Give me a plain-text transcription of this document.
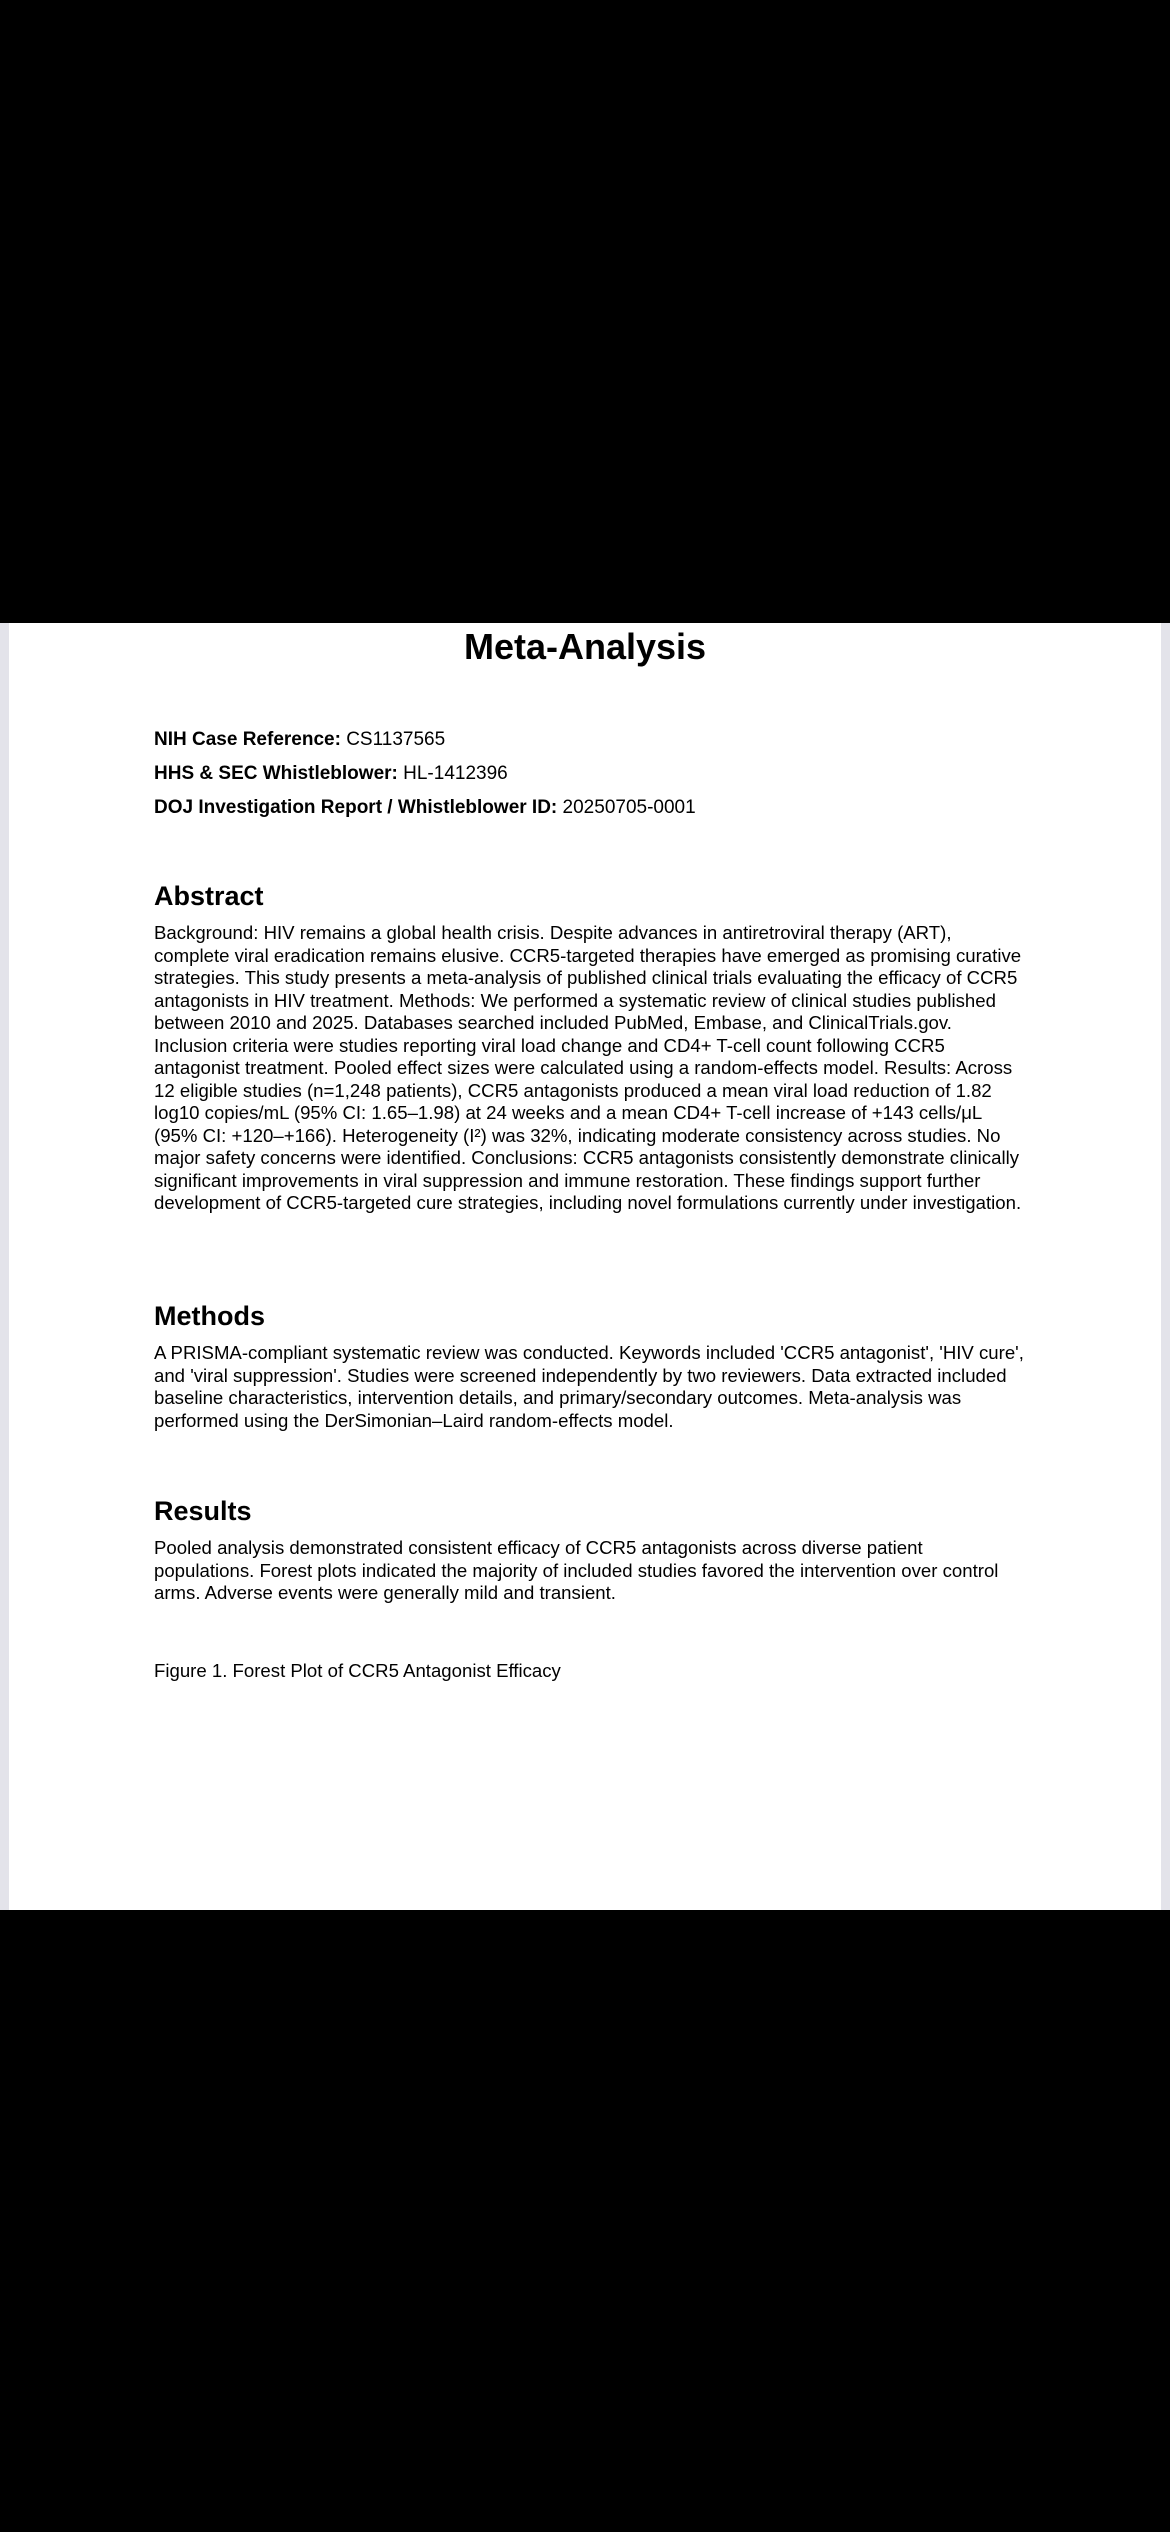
Meta-Analysis
NIH Case Reference: CS1137565
HHS & SEC Whistleblower: HL-1412396
DOJ Investigation Report / Whistleblower ID: 20250705-0001
Abstract

Background: HIV remains a global health crisis. Despite advances in antiretroviral therapy (ART), complete viral eradication remains elusive. CCR5-targeted therapies have emerged as promising curative strategies. This study presents a meta-analysis of published clinical trials evaluating the efficacy of CCR5 antagonists in HIV treatment. Methods: We performed a systematic review of clinical studies published between 2010 and 2025. Databases searched included PubMed, Embase, and ClinicalTrials.gov. Inclusion criteria were studies reporting viral load change and CD4+ T-cell count following CCR5 antagonist treatment. Pooled effect sizes were calculated using a random-effects model. Results: Across 12 eligible studies (n=1,248 patients), CCR5 antagonists produced a mean viral load reduction of 1.82 log10 copies/mL (95% CI: 1.65–1.98) at 24 weeks and a mean CD4+ T-cell increase of +143 cells/μL (95% CI: +120–+166). Heterogeneity (I²) was 32%, indicating moderate consistency across studies. No major safety concerns were identified. Conclusions: CCR5 antagonists consistently demonstrate clinically significant improvements in viral suppression and immune restoration. These findings support further development of CCR5-targeted cure strategies, including novel formulations currently under investigation.

Methods

A PRISMA-compliant systematic review was conducted. Keywords included 'CCR5 antagonist', 'HIV cure', and 'viral suppression'. Studies were screened independently by two reviewers. Data extracted included baseline characteristics, intervention details, and primary/secondary outcomes. Meta-analysis was performed using the DerSimonian–Laird random-effects model.

Results

Pooled analysis demonstrated consistent efficacy of CCR5 antagonists across diverse patient populations. Forest plots indicated the majority of included studies favored the intervention over control arms. Adverse events were generally mild and transient.

Figure 1. Forest Plot of CCR5 Antagonist Efficacy
